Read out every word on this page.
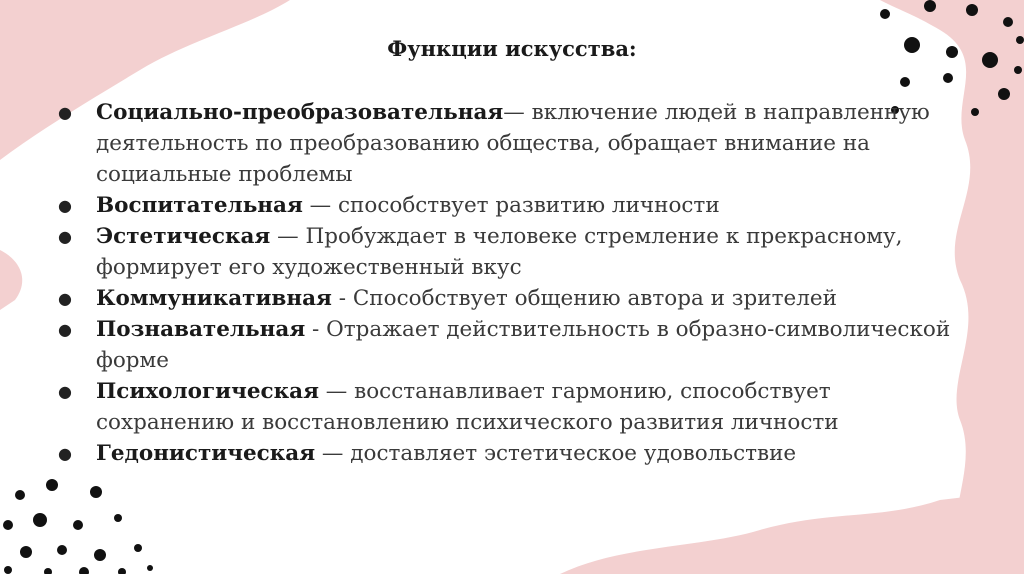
Функции искусства:
● Социально-преобразовательная— включение людей в направленную деятельность по преобразованию общества, обращает внимание на социальные проблемы
● Воспитательная — способствует развитию личности
● Эстетическая — Пробуждает в человеке стремление к прекрасному, формирует его художественный вкус
● Коммуникативная - Способствует общению автора и зрителей
● Познавательная - Отражает действительность в образно-символической форме
● Психологическая — восстанавливает гармонию, способствует сохранению и восстановлению психического развития личности
● Гедонистическая — доставляет эстетическое удовольствие
